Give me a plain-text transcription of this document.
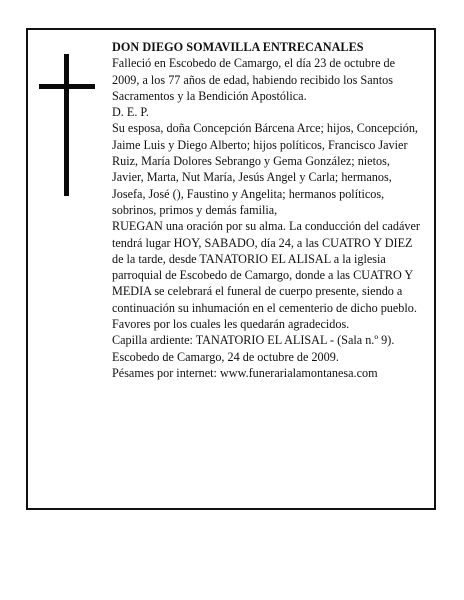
DON DIEGO SOMAVILLA ENTRECANALES

Falleció en Escobedo de Camargo, el día 23 de octubre de 2009, a los 77 años de edad, habiendo recibido los Santos Sacramentos y la Bendición Apostólica.

D. E. P.

Su esposa, doña Concepción Bárcena Arce; hijos, Concepción, Jaime Luis y Diego Alberto; hijos políticos, Francisco Javier Ruiz, María Dolores Sebrango y Gema González; nietos, Javier, Marta, Nut María, Jesús Angel y Carla; hermanos, Josefa, José (), Faustino y Angelita; hermanos políticos, sobrinos, primos y demás familia,

RUEGAN una oración por su alma. La conducción del cadáver tendrá lugar HOY, SABADO, día 24, a las CUATRO Y DIEZ de la tarde, desde TANATORIO EL ALISAL a la iglesia parroquial de Escobedo de Camargo, donde a las CUATRO Y MEDIA se celebrará el funeral de cuerpo presente, siendo a continuación su inhumación en el cementerio de dicho pueblo. Favores por los cuales les quedarán agradecidos.

Capilla ardiente: TANATORIO EL ALISAL - (Sala n.º 9).

Escobedo de Camargo, 24 de octubre de 2009.

Pésames por internet: www.funerarialamontanesa.com
